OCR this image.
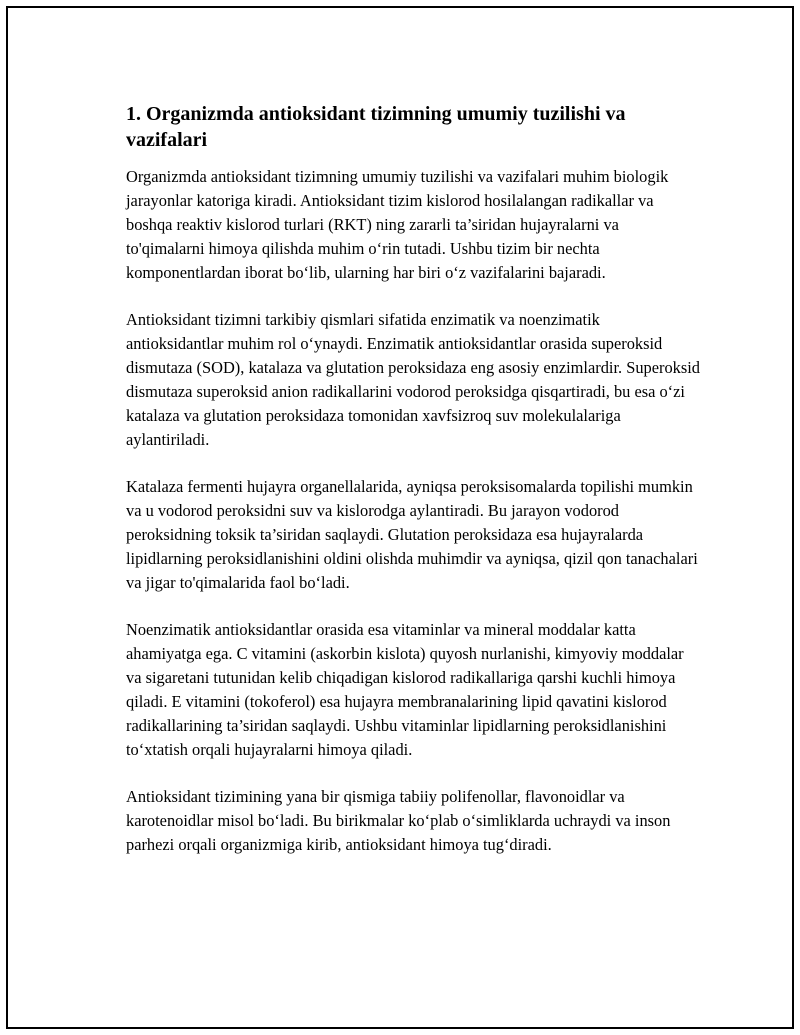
1. Organizmda antioksidant tizimning umumiy tuzilishi va vazifalari

Organizmda antioksidant tizimning umumiy tuzilishi va vazifalari muhim biologik jarayonlar katoriga kiradi. Antioksidant tizim kislorod hosilalangan radikallar va boshqa reaktiv kislorod turlari (RKT) ning zararli ta’siridan hujayralarni va to'qimalarni himoya qilishda muhim o‘rin tutadi. Ushbu tizim bir nechta komponentlardan iborat bo‘lib, ularning har biri o‘z vazifalarini bajaradi.

Antioksidant tizimni tarkibiy qismlari sifatida enzimatik va noenzimatik antioksidantlar muhim rol o‘ynaydi. Enzimatik antioksidantlar orasida superoksid dismutaza (SOD), katalaza va glutation peroksidaza eng asosiy enzimlardir. Superoksid dismutaza superoksid anion radikallarini vodorod peroksidga qisqartiradi, bu esa o‘zi katalaza va glutation peroksidaza tomonidan xavfsizroq suv molekulalariga aylantiriladi.

Katalaza fermenti hujayra organellalarida, ayniqsa peroksisomalarda topilishi mumkin va u vodorod peroksidni suv va kislorodga aylantiradi. Bu jarayon vodorod peroksidning toksik ta’siridan saqlaydi. Glutation peroksidaza esa hujayralarda lipidlarning peroksidlanishini oldini olishda muhimdir va ayniqsa, qizil qon tanachalari va jigar to'qimalarida faol bo‘ladi.

Noenzimatik antioksidantlar orasida esa vitaminlar va mineral moddalar katta ahamiyatga ega. C vitamini (askorbin kislota) quyosh nurlanishi, kimyoviy moddalar va sigaretani tutunidan kelib chiqadigan kislorod radikallariga qarshi kuchli himoya qiladi. E vitamini (tokoferol) esa hujayra membranalarining lipid qavatini kislorod radikallarining ta’siridan saqlaydi. Ushbu vitaminlar lipidlarning peroksidlanishini to‘xtatish orqali hujayralarni himoya qiladi.

Antioksidant tizimining yana bir qismiga tabiiy polifenollar, flavonoidlar va karotenoidlar misol bo‘ladi. Bu birikmalar ko‘plab o‘simliklarda uchraydi va inson parhezi orqali organizmiga kirib, antioksidant himoya tug‘diradi.
